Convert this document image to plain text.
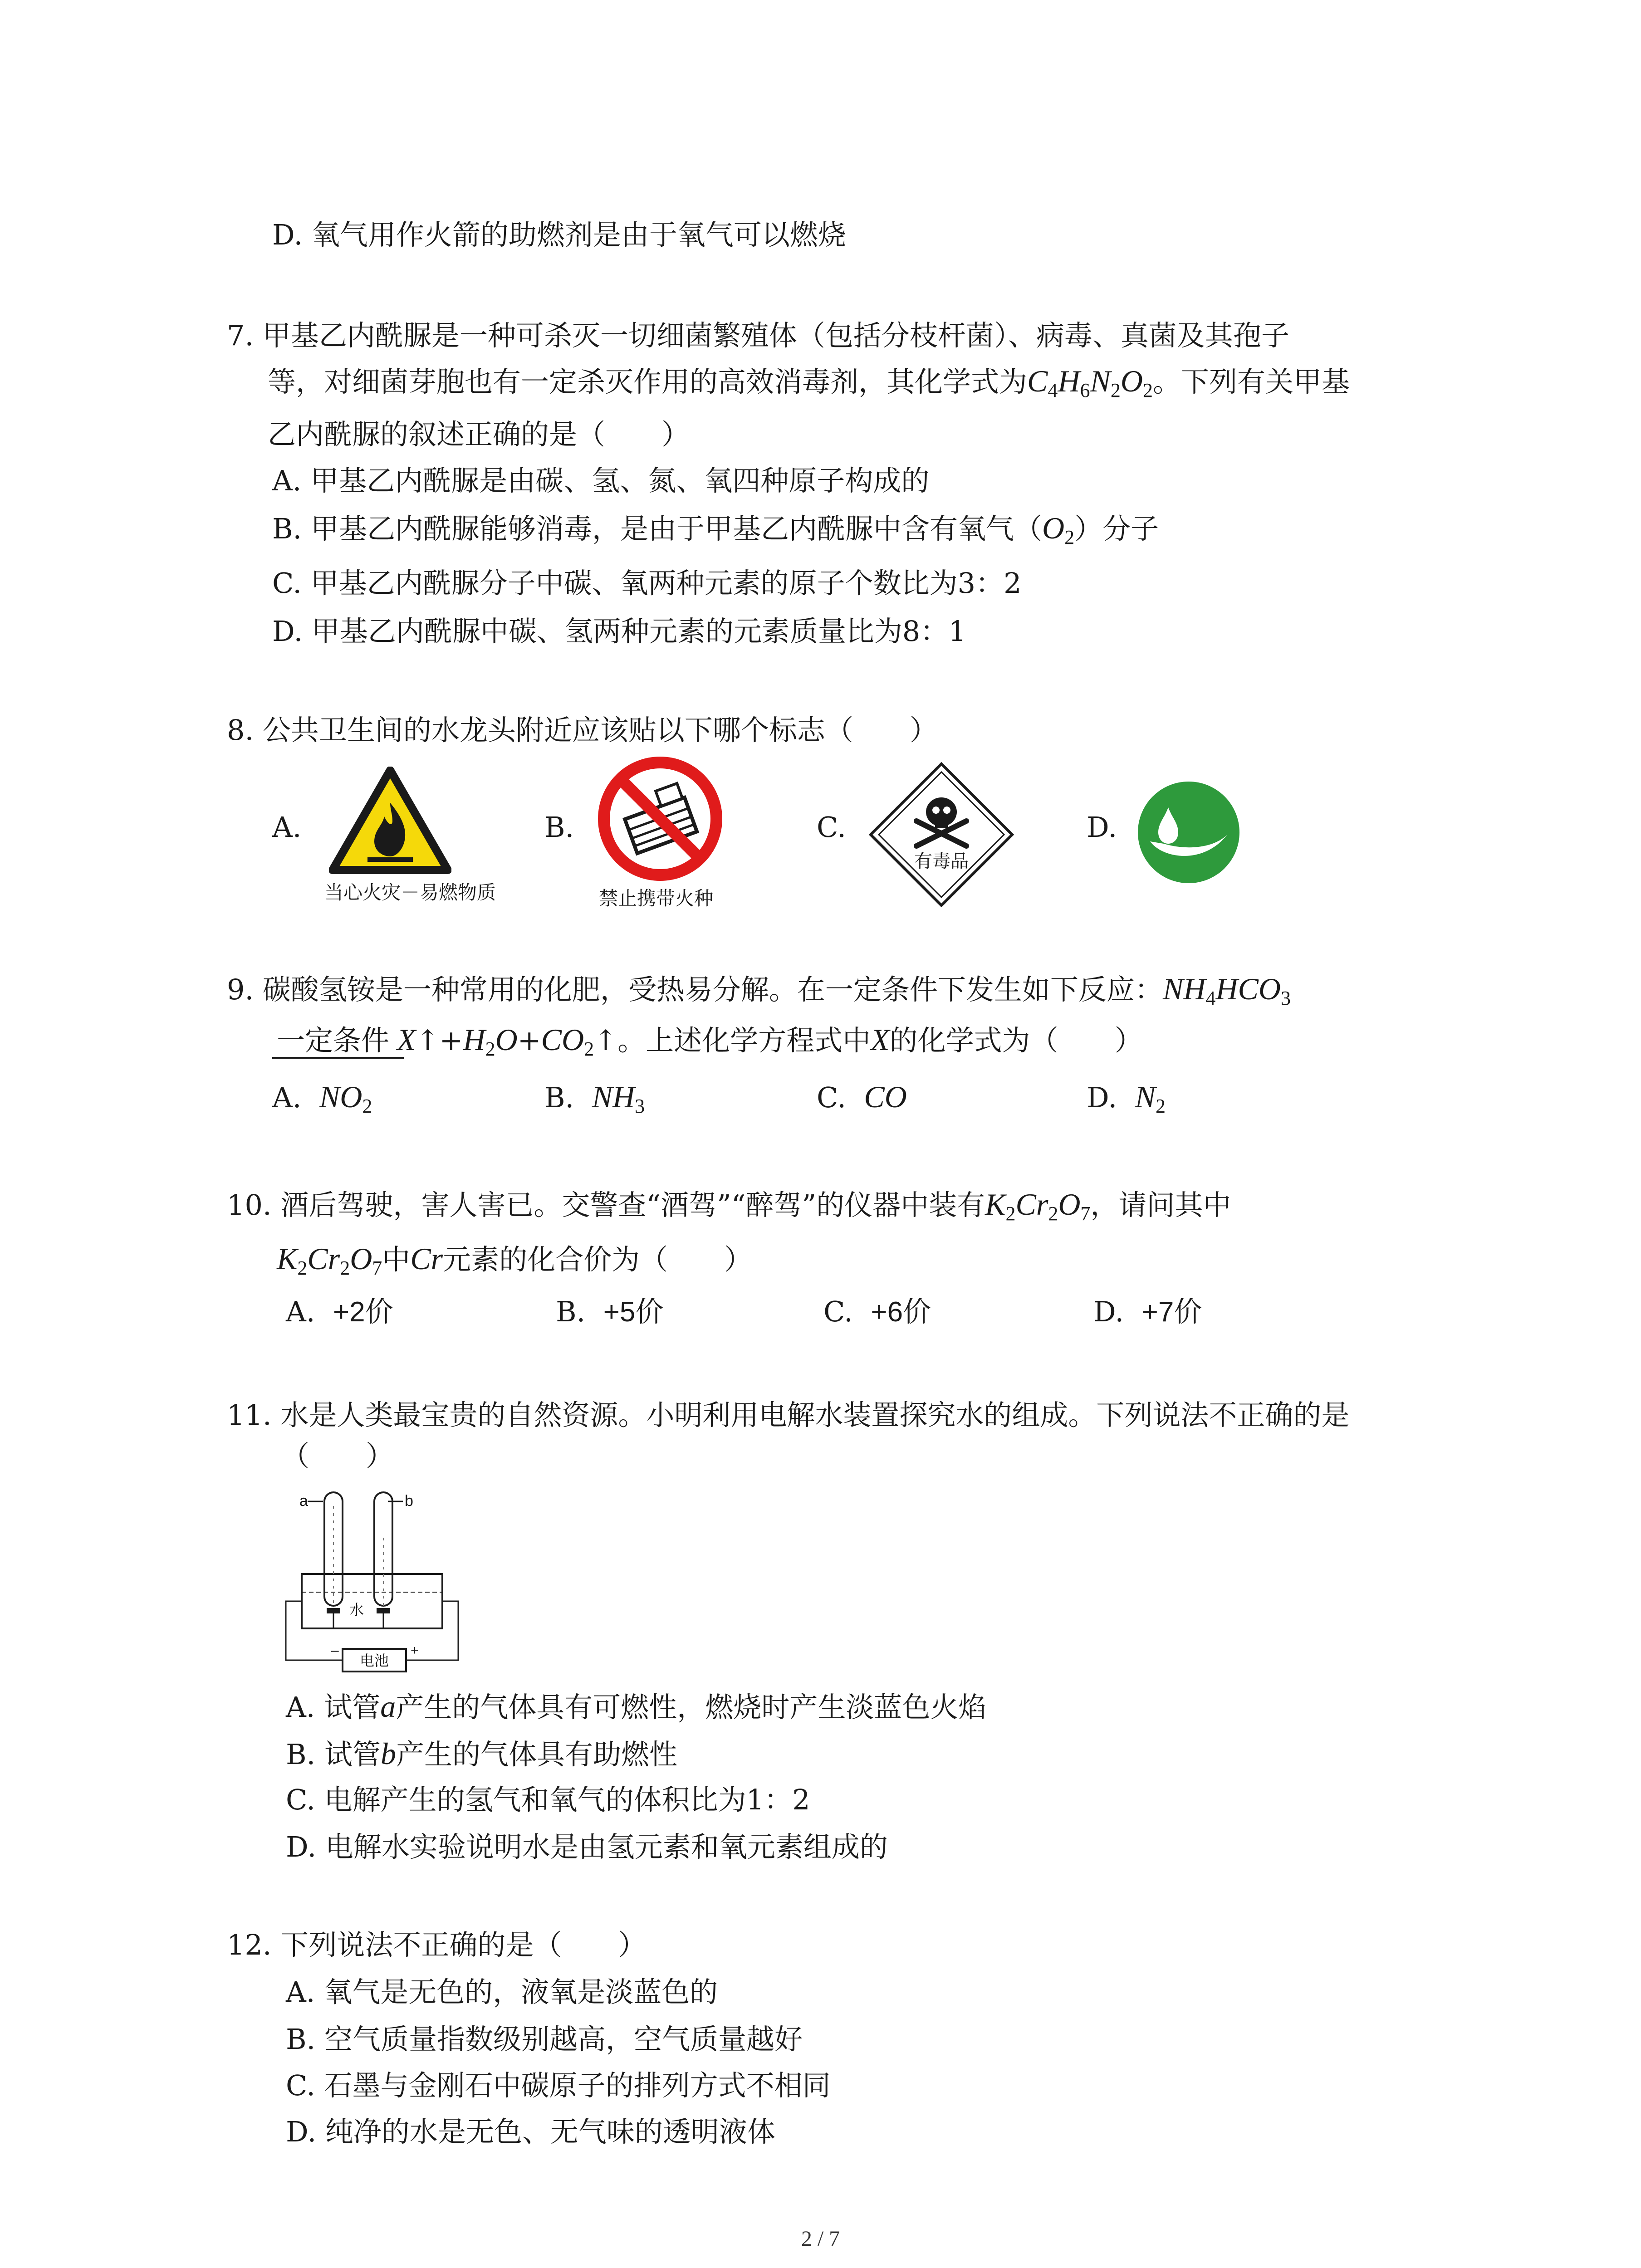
D. 氧气用作火箭的助燃剂是由于氧气可以燃烧
7. 甲基乙内酰脲是一种可杀灭一切细菌繁殖体（包括分枝杆菌）、病毒、真菌及其孢子
等，对细菌芽胞也有一定杀灭作用的高效消毒剂，其化学式为$C_4H_6N_2O_2$。下列有关甲基
乙内酰脲的叙述正确的是（　　）
A. 甲基乙内酰脲是由碳、氢、氮、氧四种原子构成的
B. 甲基乙内酰脲能够消毒，是由于甲基乙内酰脲中含有氧气$(O_2)$分子
C. 甲基乙内酰脲分子中碳、氧两种元素的原子个数比为3：2
D. 甲基乙内酰脲中碳、氢两种元素的元素质量比为8：1
8. 公共卫生间的水龙头附近应该贴以下哪个标志（　　）
A.
当心火灾－易燃物质
B.
禁止携带火种
C.
有毒品
D.
9. 碳酸氢铵是一种常用的化肥，受热易分解。在一定条件下发生如下反应：$NH_4HCO_3$
一定条件 $X↑+H_2O+CO_2↑$。上述化学方程式中X的化学式为（　　）
A. $NO_2$	B. $NH_3$	C. CO	D. $N_2$
10. 酒后驾驶，害人害已。交警查“酒驾”“醉驾”的仪器中装有$K_2Cr_2O_7$，请问其中
$K_2Cr_2O_7$中Cr元素的化合价为（　　）
A. +2价	B. +5价	C. +6价	D. +7价
11. 水是人类最宝贵的自然资源。小明利用电解水装置探究水的组成。下列说法不正确的是
（　　）
a	b
水
电池
–	+
A. 试管a产生的气体具有可燃性，燃烧时产生淡蓝色火焰
B. 试管b产生的气体具有助燃性
C. 电解产生的氢气和氧气的体积比为1：2
D. 电解水实验说明水是由氢元素和氧元素组成的
12. 下列说法不正确的是（　　）
A. 氧气是无色的，液氧是淡蓝色的
B. 空气质量指数级别越高，空气质量越好
C. 石墨与金刚石中碳原子的排列方式不相同
D. 纯净的水是无色、无气味的透明液体
2 / 7
